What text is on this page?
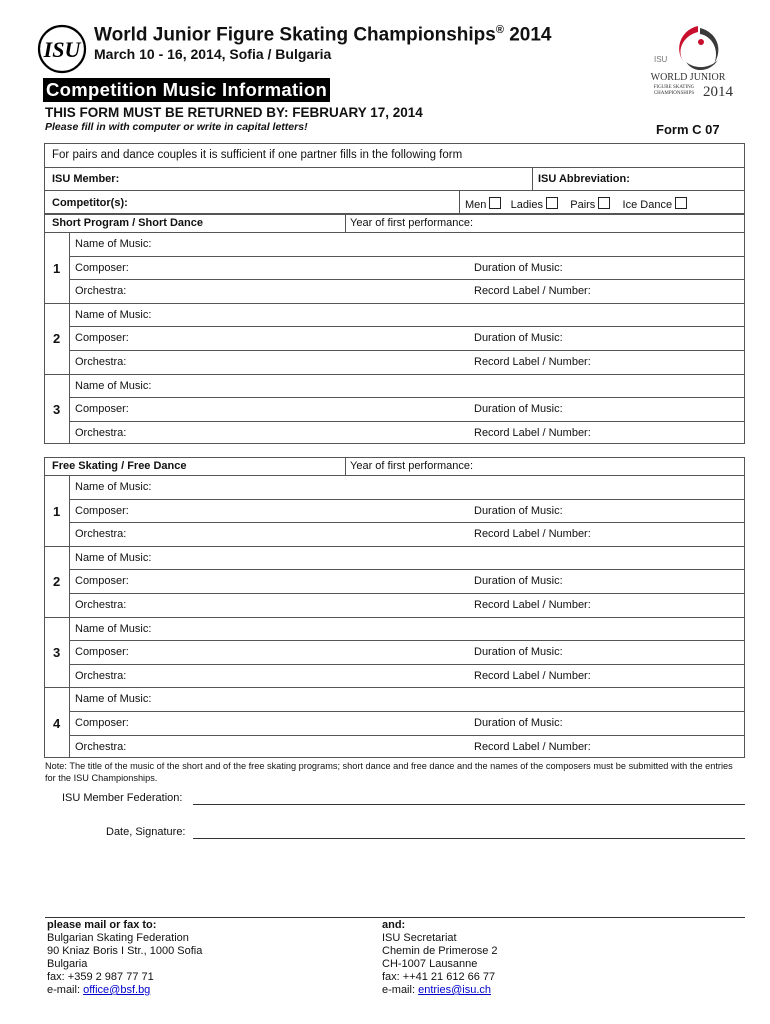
ISU
World Junior Figure Skating Championships® 2014
March 10 - 16, 2014, Sofia / Bulgaria	ISU
WORLD JUNIOR
FIGURE SKATING
CHAMPIONSHIPS 2014
Competition Music Information
THIS FORM MUST BE RETURNED BY: FEBRUARY 17, 2014
Please fill in with computer or write in capital letters!	Form C 07
For pairs and dance couples it is sufficient if one partner fills in the following form
ISU Member:	ISU Abbreviation:
Competitor(s):	Men Ladies Pairs Ice Dance
Short Program / Short Dance	Year of first performance:
1
Name of Music:
Composer:	Duration of Music:
Orchestra:	Record Label / Number:
2
Name of Music:
Composer:	Duration of Music:
Orchestra:	Record Label / Number:
3
Name of Music:
Composer:	Duration of Music:
Orchestra:	Record Label / Number:
Free Skating / Free Dance	Year of first performance:
1
Name of Music:
Composer:	Duration of Music:
Orchestra:	Record Label / Number:
2
Name of Music:
Composer:	Duration of Music:
Orchestra:	Record Label / Number:
3
Name of Music:
Composer:	Duration of Music:
Orchestra:	Record Label / Number:
4
Name of Music:
Composer:	Duration of Music:
Orchestra:	Record Label / Number:
Note: The title of the music of the short and of the free skating programs; short dance and free dance and the names of the composers must be submitted with the entries for the ISU Championships.
ISU Member Federation:
Date, Signature:
please mail or fax to:
Bulgarian Skating Federation
90 Kniaz Boris I Str., 1000 Sofia
Bulgaria
fax: +359 2 987 77 71
e-mail: office@bsf.bg
and:
ISU Secretariat
Chemin de Primerose 2
CH-1007 Lausanne
fax: ++41 21 612 66 77
e-mail: entries@isu.ch
